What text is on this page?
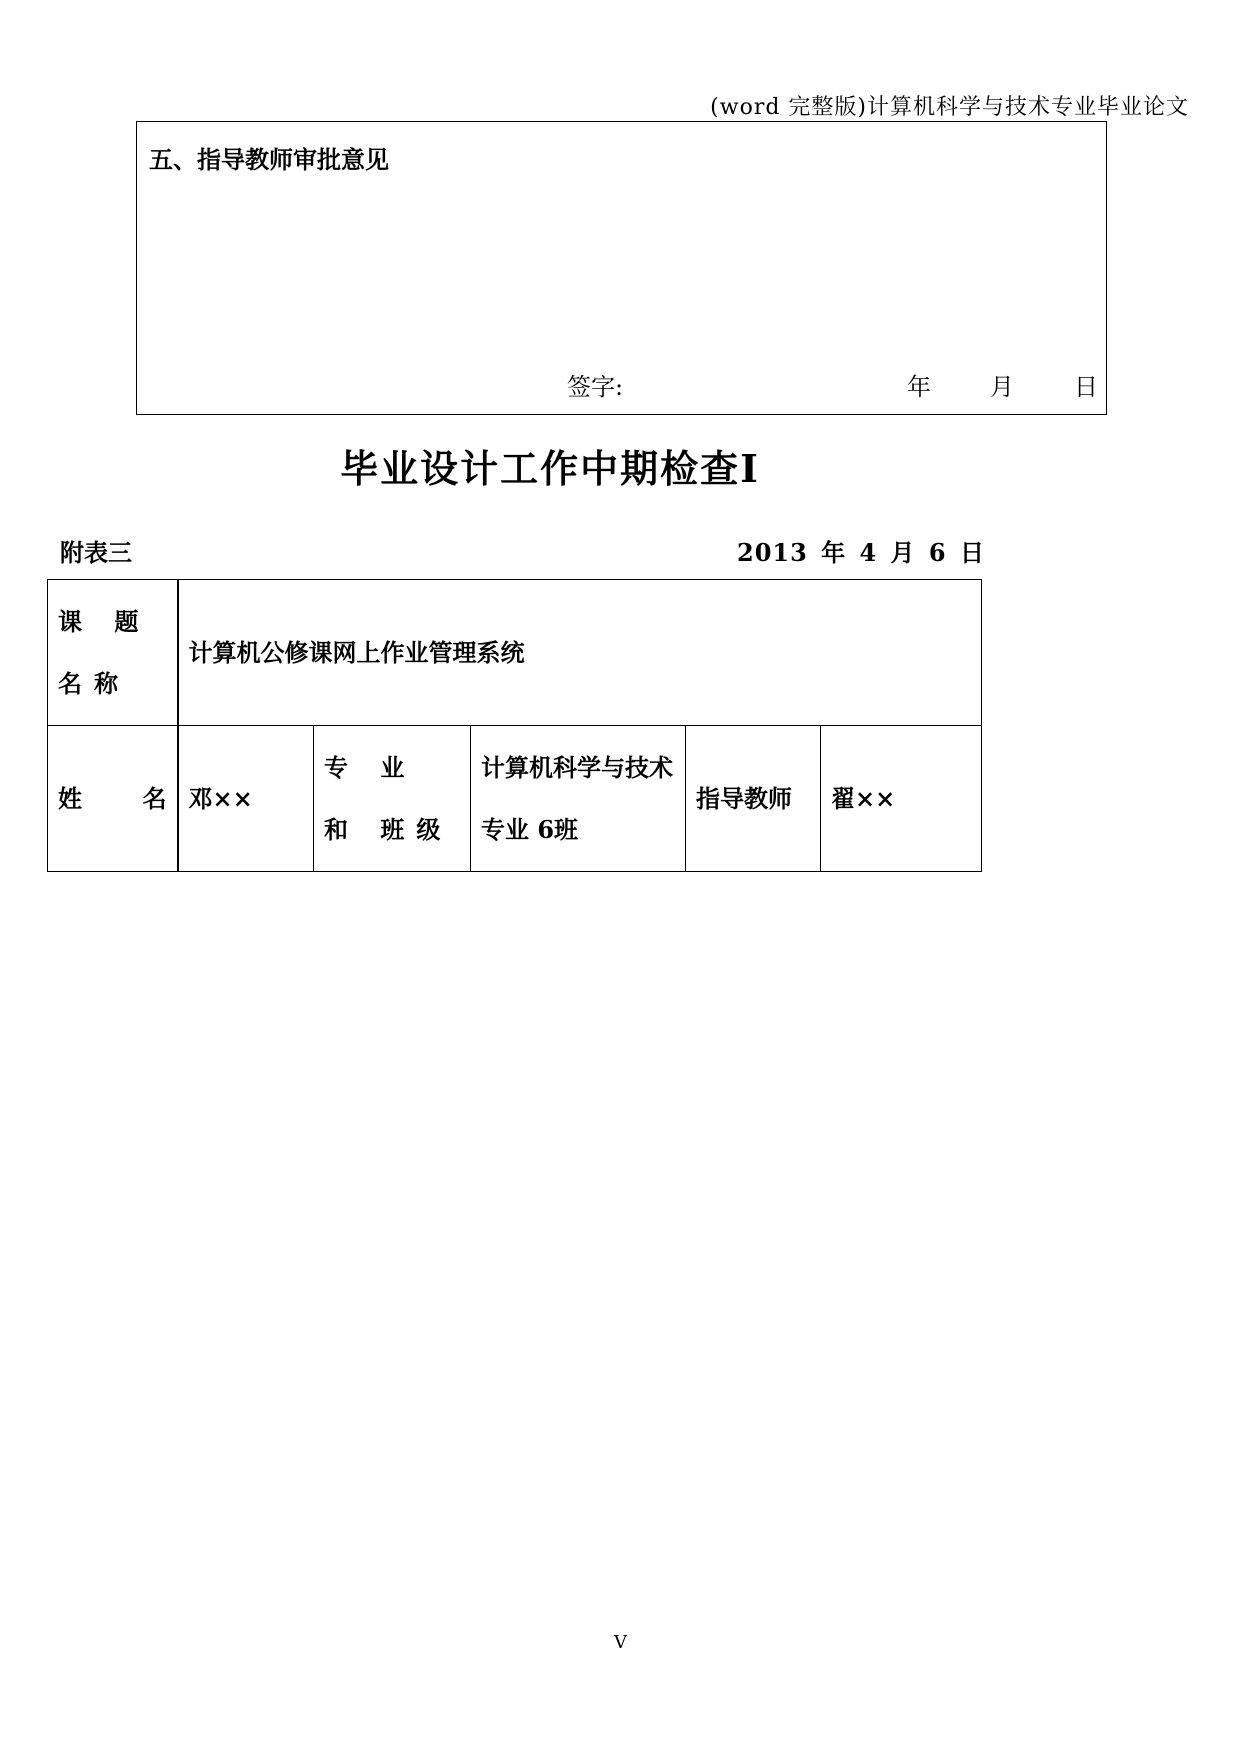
(word 完整版)计算机科学与技术专业毕业论文
五、指导教师审批意见
签字:	年 月	日
毕业设计工作中期检查Ⅰ
附表三	2013 年 4 月 6 日
课 题 名称	计算机公修课网上作业管理系统				

姓 名	邓××	专 业 和 班级	计算机科学与技术专业 6班	指导教师	翟××
V
